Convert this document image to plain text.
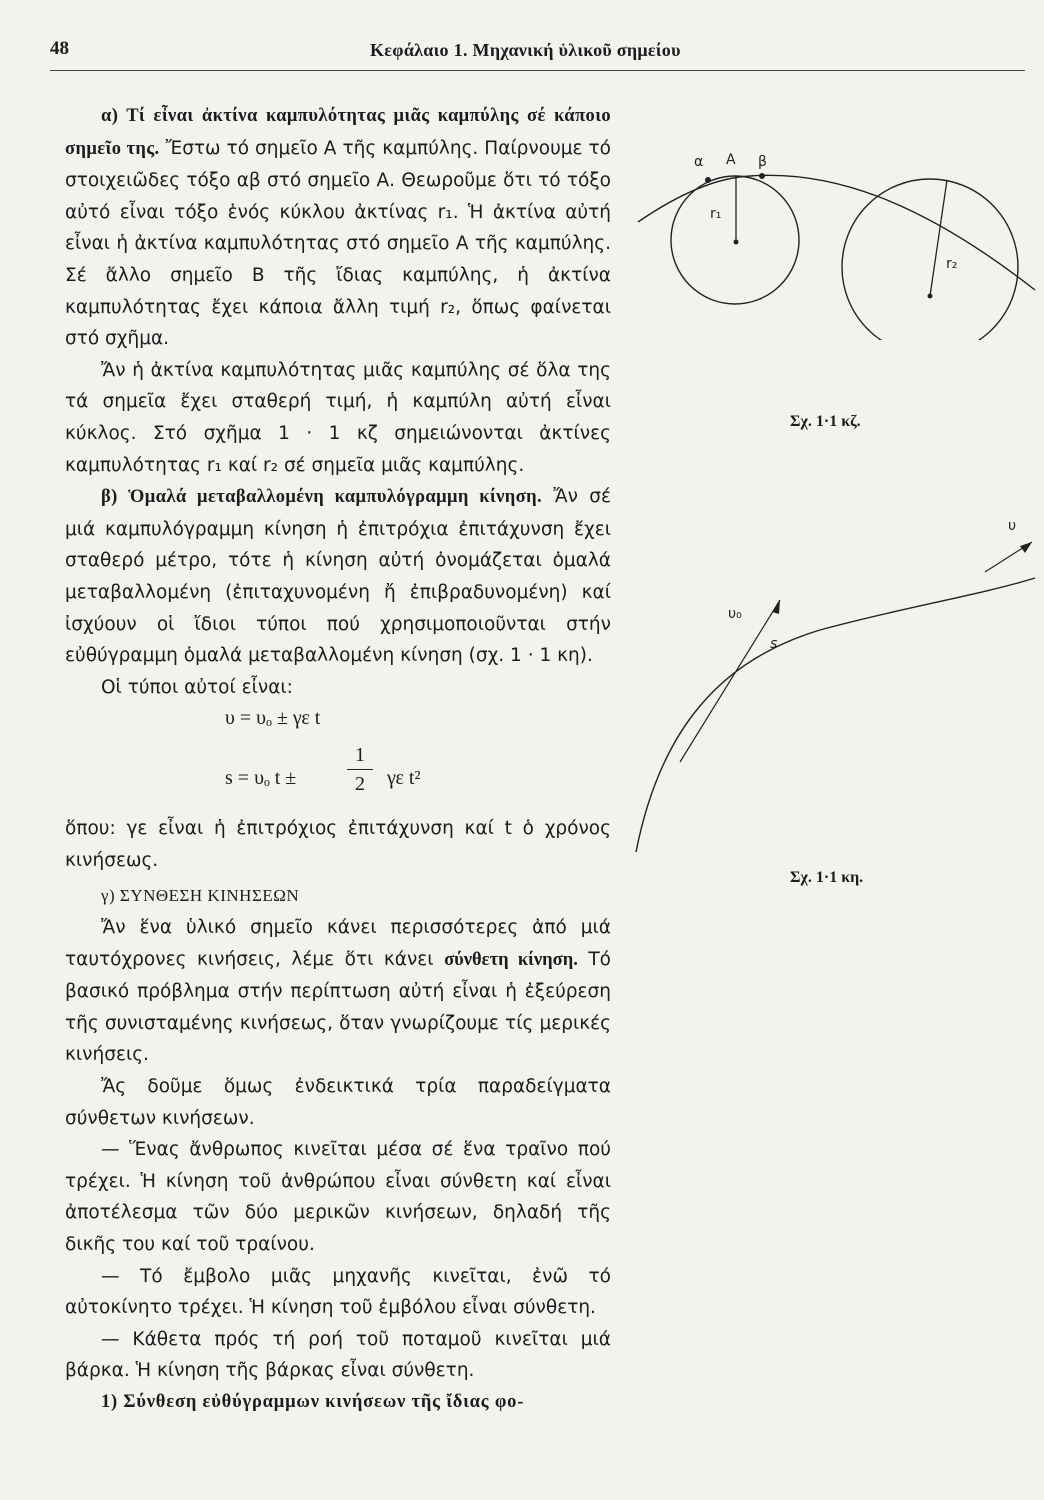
48	Κεφάλαιο 1. Μηχανική ὑλικοῦ σημείου

α) Τί εἶναι ἀκτίνα καμπυλότητας μιᾶς καμπύλης σέ κάποιο σημεῖο της. Ἔστω τό σημεῖο Α τῆς καμπύλης. Παίρνουμε τό στοιχειῶδες τόξο αβ στό σημεῖο Α. Θεωροῦμε ὅτι τό τόξο αὐτό εἶναι τόξο ἑνός κύκλου ἀκτίνας r₁. Ἡ ἀκτίνα αὐτή εἶναι ἡ ἀκτίνα καμπυλότητας στό σημεῖο Α τῆς καμπύλης. Σέ ἄλλο σημεῖο Β τῆς ἴδιας καμπύλης, ἡ ἀκτίνα καμπυλότητας ἔχει κάποια ἄλλη τιμή r₂, ὅπως φαίνεται στό σχῆμα.

Ἄν ἡ ἀκτίνα καμπυλότητας μιᾶς καμπύλης σέ ὅλα της τά σημεῖα ἔχει σταθερή τιμή, ἡ καμπύλη αὐτή εἶναι κύκλος. Στό σχῆμα 1 · 1 κζ σημειώνονται ἀκτίνες καμπυλότητας r₁ καί r₂ σέ σημεῖα μιᾶς καμπύλης.

β) Ὁμαλά μεταβαλλομένη καμπυλόγραμμη κίνηση. Ἄν σέ μιά καμπυλόγραμμη κίνηση ἡ ἐπιτρόχια ἐπιτάχυνση ἔχει σταθερό μέτρο, τότε ἡ κίνηση αὐτή ὀνομάζεται ὁμαλά μεταβαλλομένη (ἐπιταχυνομένη ἤ ἐπιβραδυνομένη) καί ἰσχύουν οἱ ἴδιοι τύποι πού χρησιμοποιοῦνται στήν εὐθύγραμμη ὁμαλά μεταβαλλομένη κίνηση (σχ. 1 · 1 κη).

Οἱ τύποι αὐτοί εἶναι:

υ = υₒ ± γε t
s = υₒ t ±
1
2	γε t²

ὅπου: γε εἶναι ἡ ἐπιτρόχιος ἐπιτάχυνση καί t ὁ χρόνος κινήσεως.

γ) ΣΥΝΘΕΣΗ ΚΙΝΗΣΕΩΝ

Ἄν ἕνα ὑλικό σημεῖο κάνει περισσότερες ἀπό μιά ταυτόχρονες κινήσεις, λέμε ὅτι κάνει σύνθετη κίνηση. Τό βασικό πρόβλημα στήν περίπτωση αὐτή εἶναι ἡ ἐξεύρεση τῆς συνισταμένης κινήσεως, ὅταν γνωρίζουμε τίς μερικές κινήσεις.

Ἄς δοῦμε ὅμως ἐνδεικτικά τρία παραδείγματα σύνθετων κινήσεων.

— Ἕνας ἄνθρωπος κινεῖται μέσα σέ ἕνα τραῖνο πού τρέχει. Ἡ κίνηση τοῦ ἀνθρώπου εἶναι σύνθετη καί εἶναι ἀποτέλεσμα τῶν δύο μερικῶν κινήσεων, δηλαδή τῆς δικῆς του καί τοῦ τραίνου.

— Τό ἔμβολο μιᾶς μηχανῆς κινεῖται, ἐνῶ τό αὐτοκίνητο τρέχει. Ἡ κίνηση τοῦ ἐμβόλου εἶναι σύνθετη.

— Κάθετα πρός τή ροή τοῦ ποταμοῦ κινεῖται μιά βάρκα. Ἡ κίνηση τῆς βάρκας εἶναι σύνθετη.

1) Σύνθεση εὐθύγραμμων κινήσεων τῆς ἴδιας φο-

α Α β
r₁
r₂
Σχ. 1·1 κζ.
υ
υ₀
s
Σχ. 1·1 κη.
